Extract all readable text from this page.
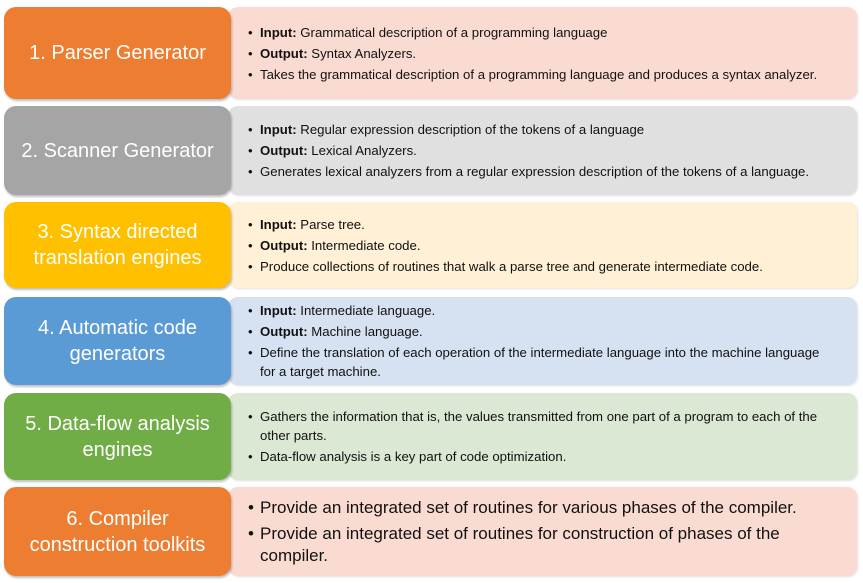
1. Parser Generator
• Input: Grammatical description of a programming language
• Output: Syntax Analyzers.
• Takes the grammatical description of a programming language and produces a syntax analyzer.
2. Scanner Generator
• Input: Regular expression description of the tokens of a language
• Output: Lexical Analyzers.
• Generates lexical analyzers from a regular expression description of the tokens of a language.
3. Syntax directed
translation engines
• Input: Parse tree.
• Output: Intermediate code.
• Produce collections of routines that walk a parse tree and generate intermediate code.
4. Automatic code
generators
• Input: Intermediate language.
• Output: Machine language.
• Define the translation of each operation of the intermediate language into the machine language for a target machine.
5. Data-flow analysis
engines
• Gathers the information that is, the values transmitted from one part of a program to each of the other parts.
• Data-flow analysis is a key part of code optimization.
6. Compiler
construction toolkits
• Provide an integrated set of routines for various phases of the compiler.
• Provide an integrated set of routines for construction of phases of the compiler.
